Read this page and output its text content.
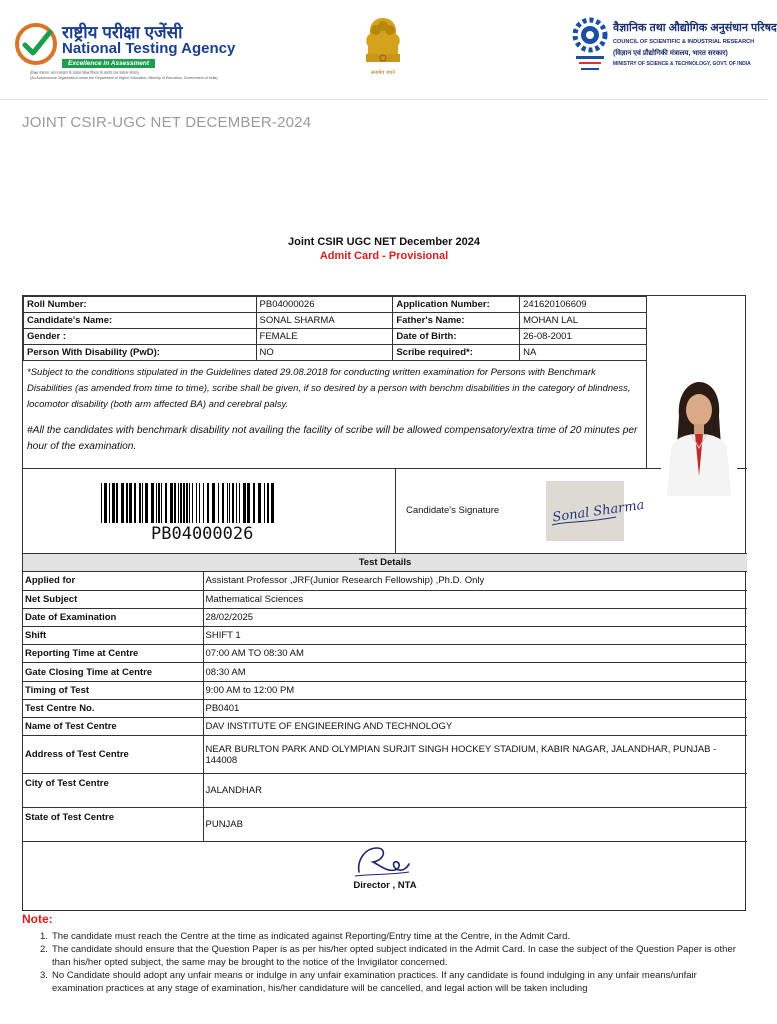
राष्ट्रीय परीक्षा एजेंसी
National Testing Agency
Excellence in Assessment
(शिक्षा मंत्रालय, भारत सरकार के उच्चतर शिक्षा विभाग के अंतर्गत एक स्वायत्त संगठन)
(An Autonomous Organization under the Department of Higher Education, Ministry of Education, Government of India)
सत्यमेव जयते
वैज्ञानिक तथा औद्योगिक अनुसंधान परिषद
COUNCIL OF SCIENTIFIC & INDUSTRIAL RESEARCH
(विज्ञान एवं प्रौद्योगिकी मंत्रालय, भारत सरकार)
MINISTRY OF SCIENCE & TECHNOLOGY, GOVT. OF INDIA
JOINT CSIR-UGC NET DECEMBER-2024
Joint CSIR UGC NET December 2024
Admit Card - Provisional
Roll Number:	PB04000026	Application Number:	241620106609
Candidate's Name:	SONAL SHARMA	Father's Name:	MOHAN LAL
Gender :	FEMALE	Date of Birth:	26-08-2001
Person With Disability (PwD):	NO	Scribe required*:	NA
*Subject to the conditions stipulated in the Guidelines dated 29.08.2018 for conducting written examination for Persons with Benchmark Disabilities (as amended from time to time), scribe shall be given, if so desired by a person with benchm disabilities in the category of blindness, locomotor disability (both arm affected BA) and cerebral palsy.
#All the candidates with benchmark disability not availing the facility of scribe will be allowed compensatory/extra time of 20 minutes per hour of the examination.
PB04000026
Candidate's Signature	Sonal Sharma
Test Details
Applied for	Assistant Professor ,JRF(Junior Research Fellowship) ,Ph.D. Only
Net Subject	Mathematical Sciences
Date of Examination	28/02/2025
Shift	SHIFT 1
Reporting Time at Centre	07:00 AM TO 08:30 AM
Gate Closing Time at Centre	08:30 AM
Timing of Test	9:00 AM to 12:00 PM
Test Centre No.	PB0401
Name of Test Centre	DAV INSTITUTE OF ENGINEERING AND TECHNOLOGY
Address of Test Centre	NEAR BURLTON PARK AND OLYMPIAN SURJIT SINGH HOCKEY STADIUM, KABIR NAGAR, JALANDHAR, PUNJAB - 144008
City of Test Centre	JALANDHAR
State of Test Centre	PUNJAB
Director , NTA
Note:
1. The candidate must reach the Centre at the time as indicated against Reporting/Entry time at the Centre, in the Admit Card.
2. The candidate should ensure that the Question Paper is as per his/her opted subject indicated in the Admit Card. In case the subject of the Question Paper is other than his/her opted subject, the same may be brought to the notice of the Invigilator concerned.
3. No Candidate should adopt any unfair means or indulge in any unfair examination practices. If any candidate is found indulging in any unfair means/unfair examination practices at any stage of examination, his/her candidature will be cancelled, and legal action will be taken including
